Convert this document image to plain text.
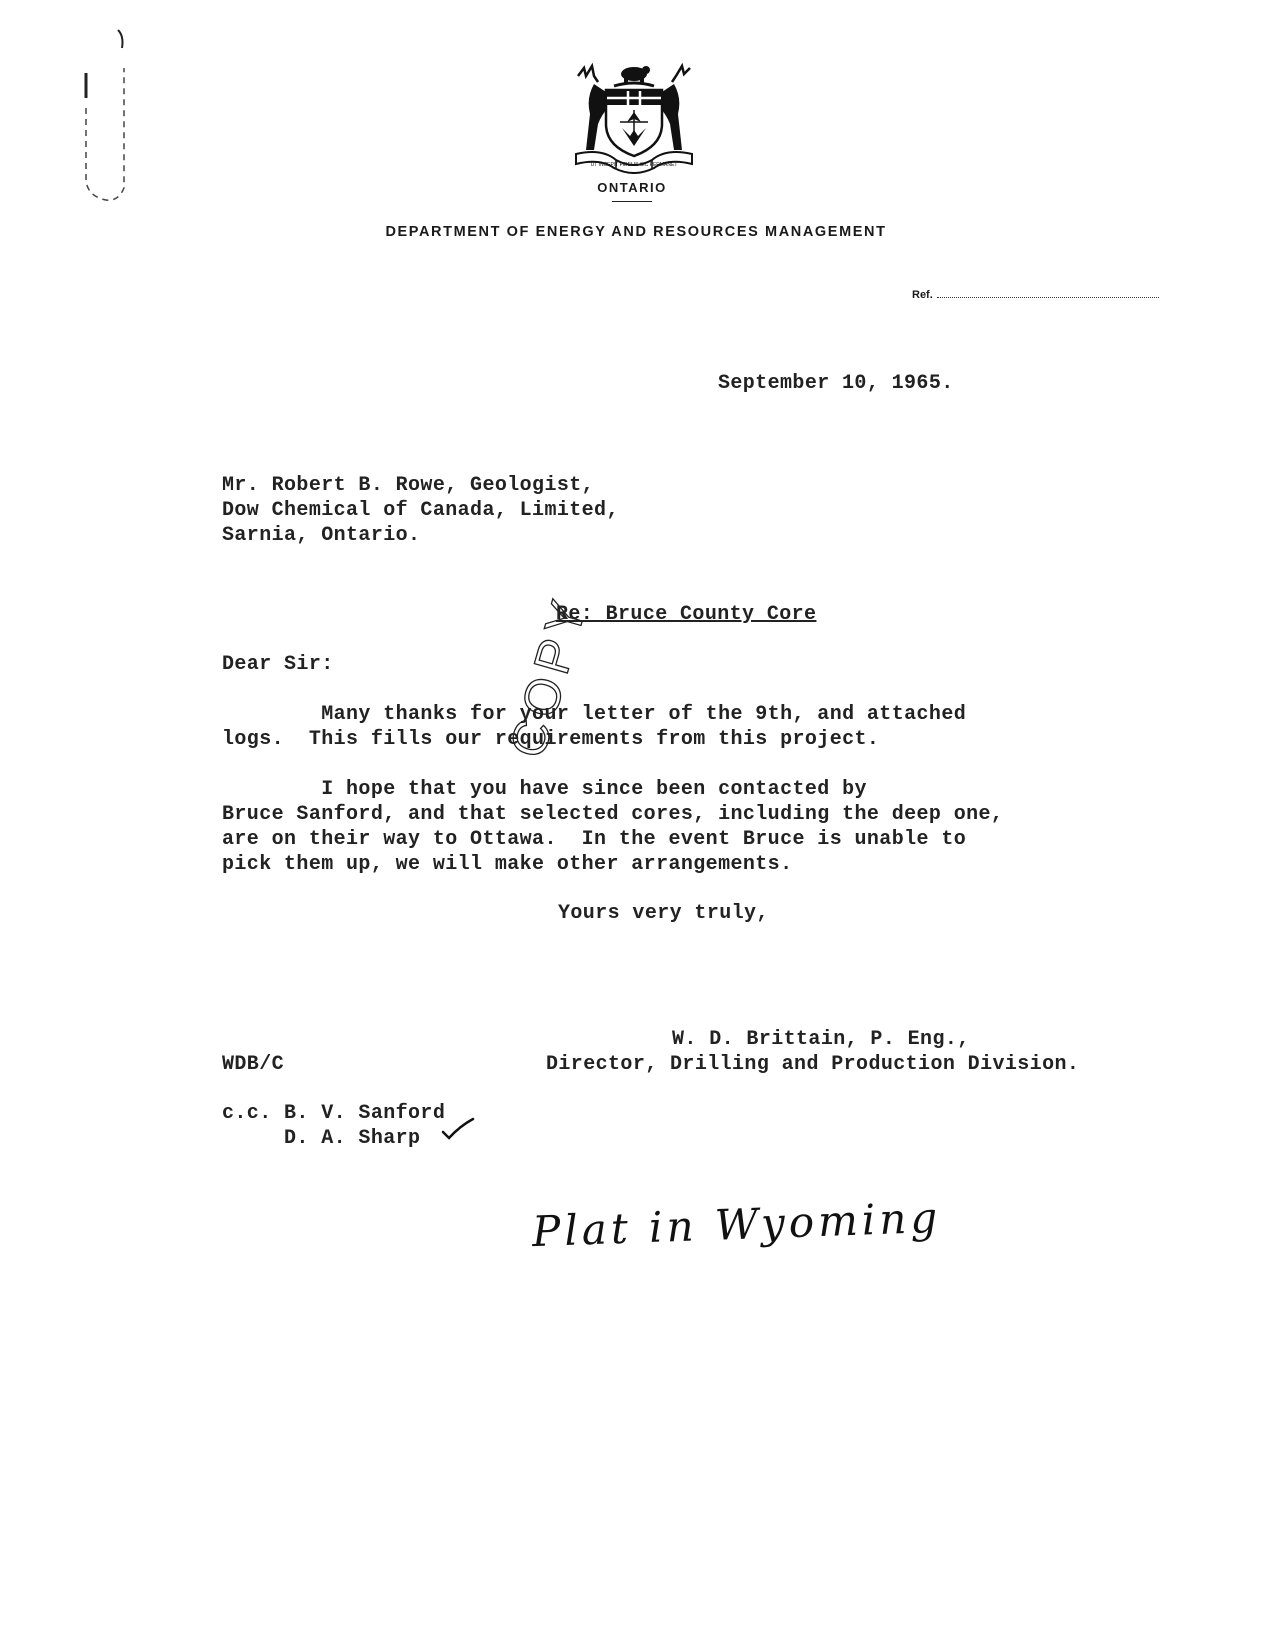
UT INCEPIT FIDELIS SIC PERMANET
ONTARIO
DEPARTMENT OF ENERGY AND RESOURCES MANAGEMENT
Ref.
September 10, 1965.
Mr. Robert B. Rowe, Geologist,
Dow Chemical of Canada, Limited,
Sarnia, Ontario.
Re: Bruce County Core
Dear Sir:
Many thanks for your letter of the 9th, and attached
logs.  This fills our requirements from this project.
I hope that you have since been contacted by
Bruce Sanford, and that selected cores, including the deep one,
are on their way to Ottawa.  In the event Bruce is unable to
pick them up, we will make other arrangements.
COPY
Yours very truly,
W. D. Brittain, P. Eng.,
WDB/C	Director, Drilling and Production Division.
c.c. B. V. Sanford
D. A. Sharp
Plat in Wyoming
